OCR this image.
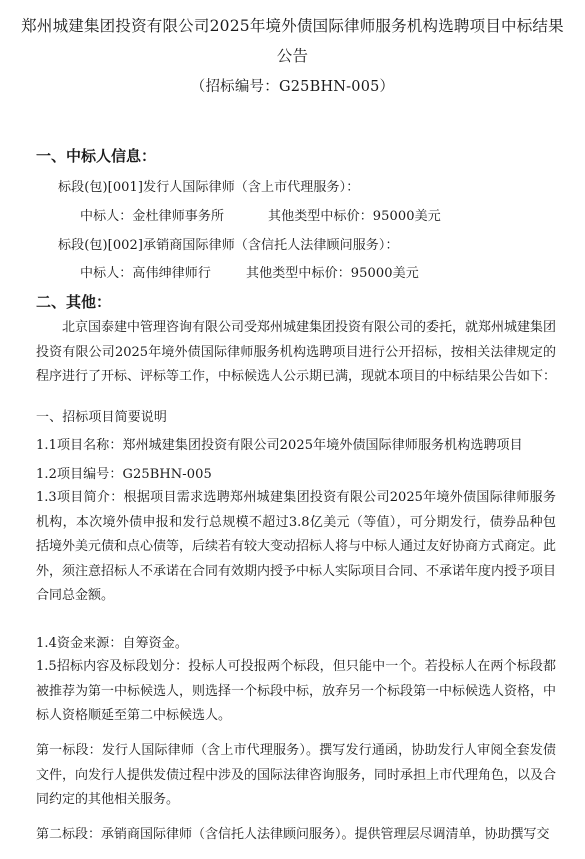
郑州城建集团投资有限公司2025年境外债国际律师服务机构选聘项目中标结果
公告
（招标编号：G25BHN-005）
一、中标人信息：
标段(包)[001]发行人国际律师（含上市代理服务）：
中标人：金杜律师事务所	其他类型中标价：95000美元
标段(包)[002]承销商国际律师（含信托人法律顾问服务）：
中标人：高伟绅律师行	其他类型中标价：95000美元
二、其他：
北京国泰建中管理咨询有限公司受郑州城建集团投资有限公司的委托，就郑州城建集团投资有限公司2025年境外债国际律师服务机构选聘项目进行公开招标，按相关法律规定的程序进行了开标、评标等工作，中标候选人公示期已满，现就本项目的中标结果公告如下：
一、招标项目简要说明
1.1项目名称：郑州城建集团投资有限公司2025年境外债国际律师服务机构选聘项目
1.2项目编号：G25BHN-005
1.3项目简介：根据项目需求选聘郑州城建集团投资有限公司2025年境外债国际律师服务机构，本次境外债申报和发行总规模不超过3.8亿美元（等值），可分期发行，债券品种包括境外美元债和点心债等，后续若有较大变动招标人将与中标人通过友好协商方式商定。此外，须注意招标人不承诺在合同有效期内授予中标人实际项目合同、不承诺年度内授予项目合同总金额。
1.4资金来源：自筹资金。
1.5招标内容及标段划分：投标人可投报两个标段，但只能中一个。若投标人在两个标段都被推荐为第一中标候选人，则选择一个标段中标，放弃另一个标段第一中标候选人资格，中标人资格顺延至第二中标候选人。
第一标段：发行人国际律师（含上市代理服务）。撰写发行通函，协助发行人审阅全套发债文件，向发行人提供发债过程中涉及的国际法律咨询服务，同时承担上市代理角色，以及合同约定的其他相关服务。
第二标段：承销商国际律师（含信托人法律顾问服务）。提供管理层尽调清单，协助撰写交
